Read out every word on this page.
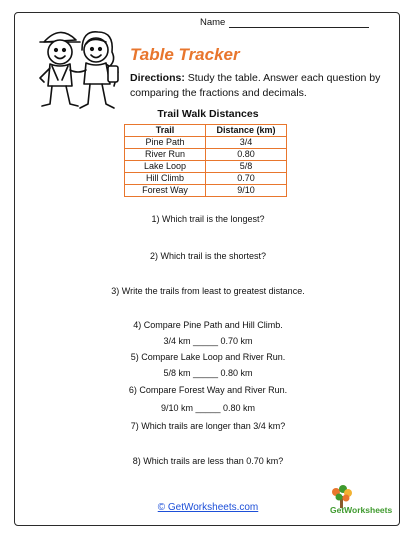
Name
Table Tracker
Directions: Study the table. Answer each question by comparing the fractions and decimals.
Trail Walk Distances
Trail	Distance (km)
Pine Path	3/4
River Run	0.80
Lake Loop	5/8
Hill Climb	0.70
Forest Way	9/10
1) Which trail is the longest?
2) Which trail is the shortest?
3) Write the trails from least to greatest distance.
4) Compare Pine Path and Hill Climb.
3/4 km _____ 0.70 km
5) Compare Lake Loop and River Run.
5/8 km _____ 0.80 km
6) Compare Forest Way and River Run.
9/10 km _____ 0.80 km
7) Which trails are longer than 3/4 km?
8) Which trails are less than 0.70 km?
© GetWorksheets.com	GetWorksheets
